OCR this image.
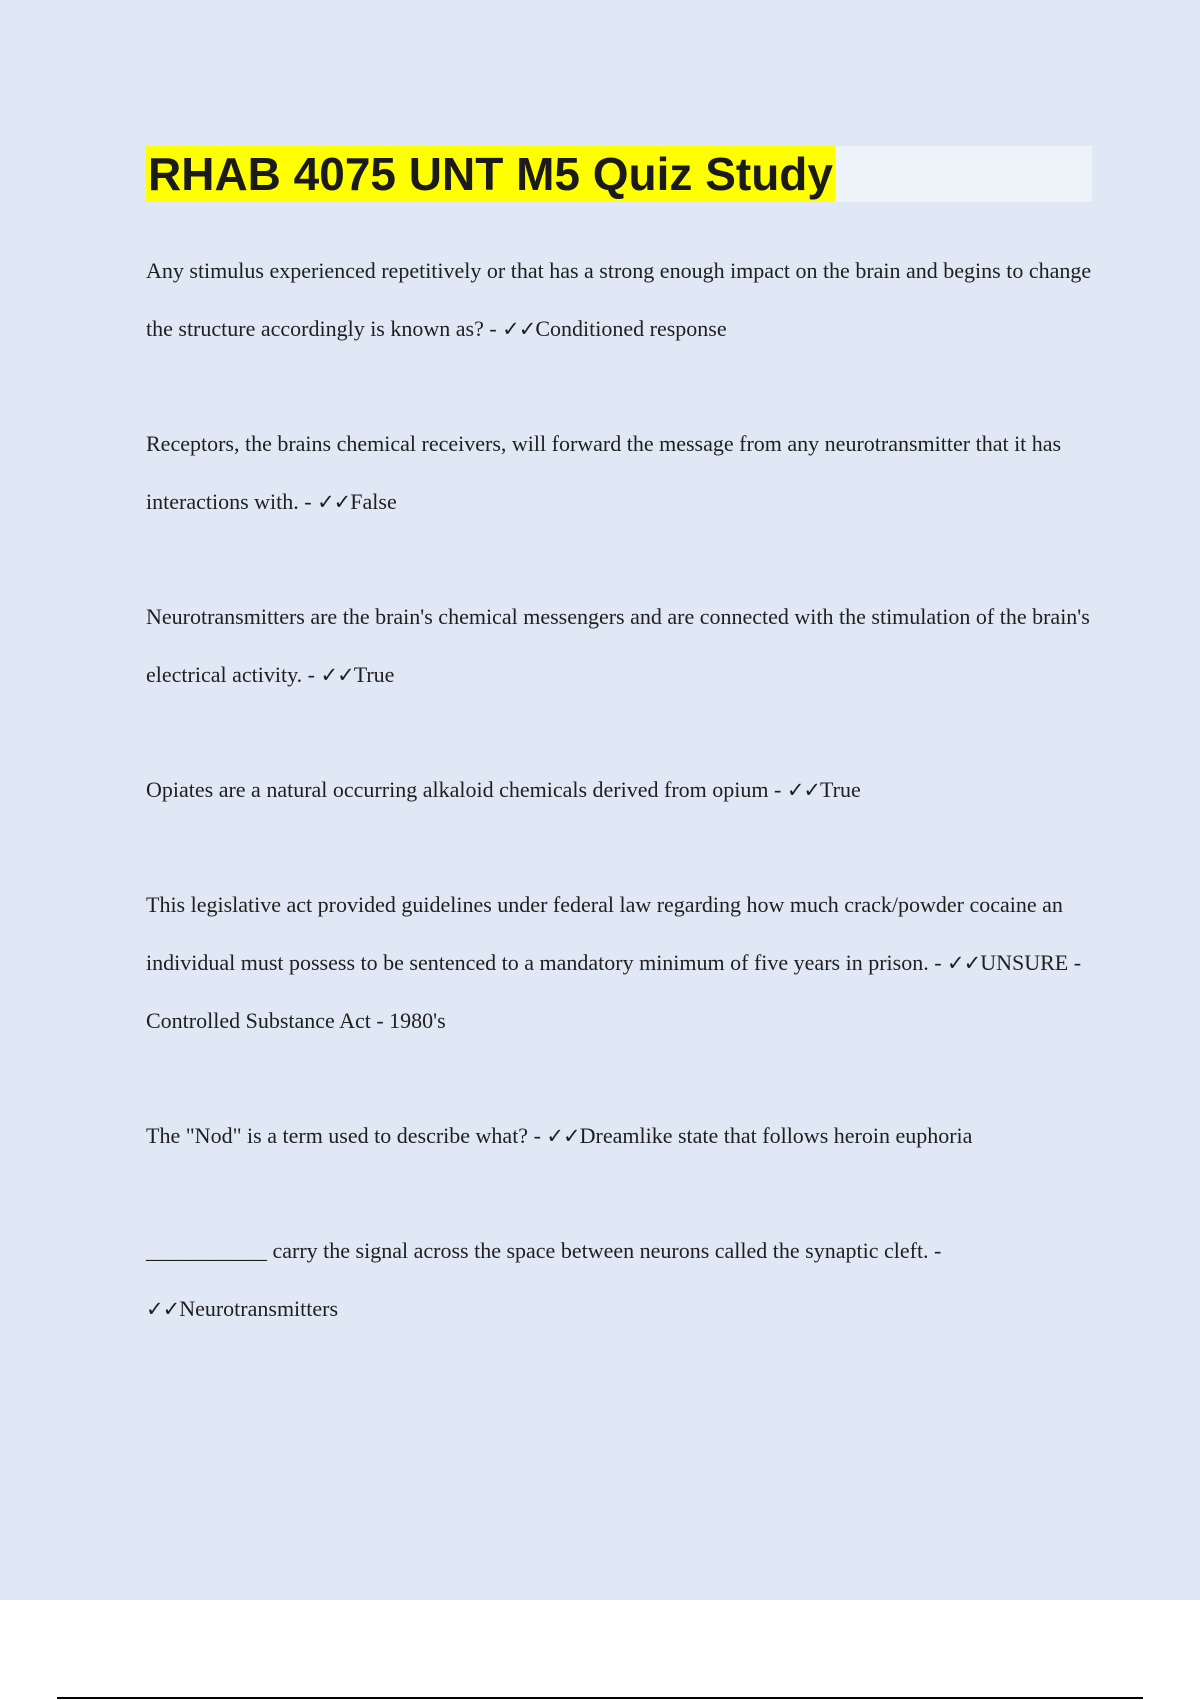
RHAB 4075 UNT M5 Quiz Study

Any stimulus experienced repetitively or that has a strong enough impact on the brain and begins to change the structure accordingly is known as? - ✓✓Conditioned response

Receptors, the brains chemical receivers, will forward the message from any neurotransmitter that it has interactions with. - ✓✓False

Neurotransmitters are the brain's chemical messengers and are connected with the stimulation of the brain's electrical activity. - ✓✓True

Opiates are a natural occurring alkaloid chemicals derived from opium - ✓✓True

This legislative act provided guidelines under federal law regarding how much crack/powder cocaine an individual must possess to be sentenced to a mandatory minimum of five years in prison. - ✓✓UNSURE - Controlled Substance Act - 1980's

The "Nod" is a term used to describe what? - ✓✓Dreamlike state that follows heroin euphoria

___________ carry the signal across the space between neurons called the synaptic cleft. - ✓✓Neurotransmitters
